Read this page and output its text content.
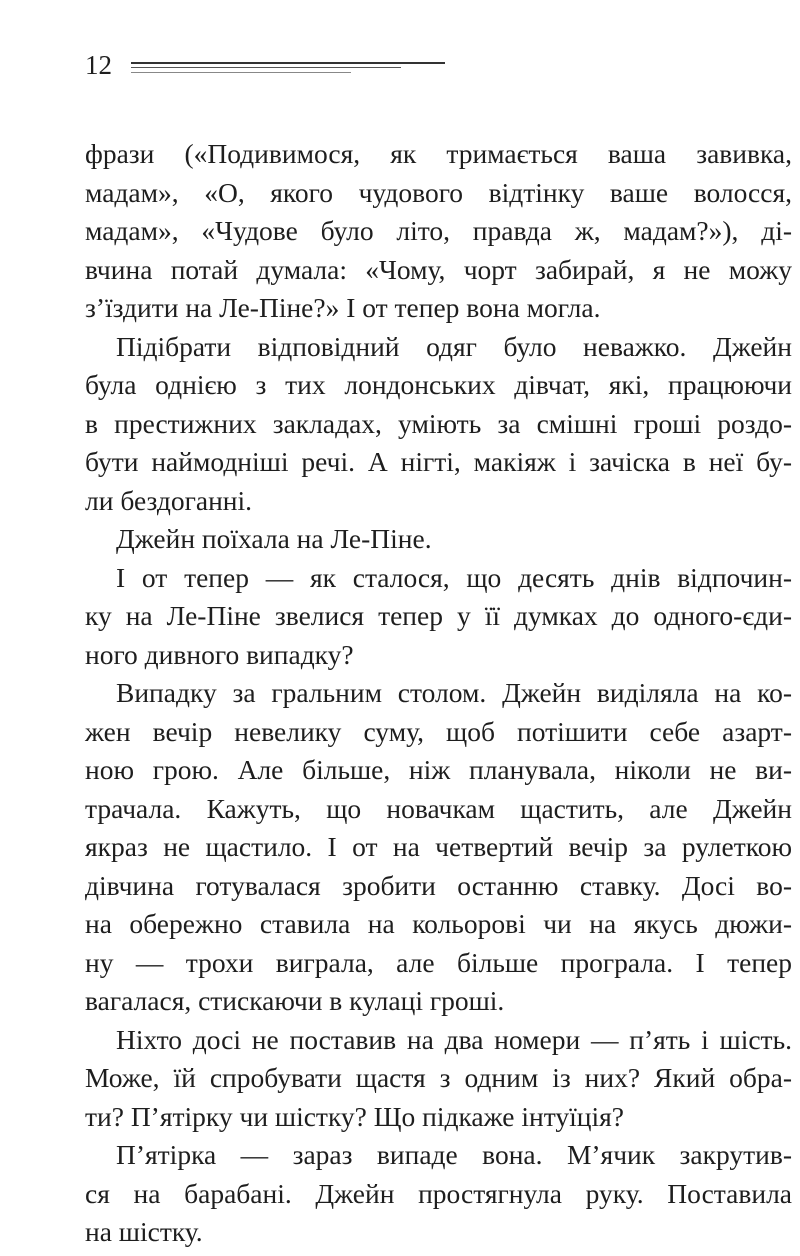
12
фрази («Подивимося, як тримається ваша завивка,
мадам», «О, якого чудового відтінку ваше волосся,
мадам», «Чудове було літо, правда ж, мадам?»), ді-
вчина потай думала: «Чому, чорт забирай, я не можу
з’їздити на Ле-Піне?» І от тепер вона могла.
Підібрати відповідний одяг було неважко. Джейн
була однією з тих лондонських дівчат, які, працюючи
в престижних закладах, уміють за смішні гроші роздо-
бути наймодніші речі. А нігті, макіяж і зачіска в неї бу-
ли бездоганні.
Джейн поїхала на Ле-Піне.
І от тепер — як сталося, що десять днів відпочин-
ку на Ле-Піне звелися тепер у її думках до одного-єди-
ного дивного випадку?
Випадку за гральним столом. Джейн виділяла на ко-
жен вечір невелику суму, щоб потішити себе азарт-
ною грою. Але більше, ніж планувала, ніколи не ви-
трачала. Кажуть, що новачкам щастить, але Джейн
якраз не щастило. І от на четвертий вечір за рулеткою
дівчина готувалася зробити останню ставку. Досі во-
на обережно ставила на кольорові чи на якусь дюжи-
ну — трохи виграла, але більше програла. І тепер
вагалася, стискаючи в кулаці гроші.
Ніхто досі не поставив на два номери — п’ять і шість.
Може, їй спробувати щастя з одним із них? Який обра-
ти? П’ятірку чи шістку? Що підкаже інтуїція?
П’ятірка — зараз випаде вона. М’ячик закрутив-
ся на барабані. Джейн простягнула руку. Поставила
на шістку.
